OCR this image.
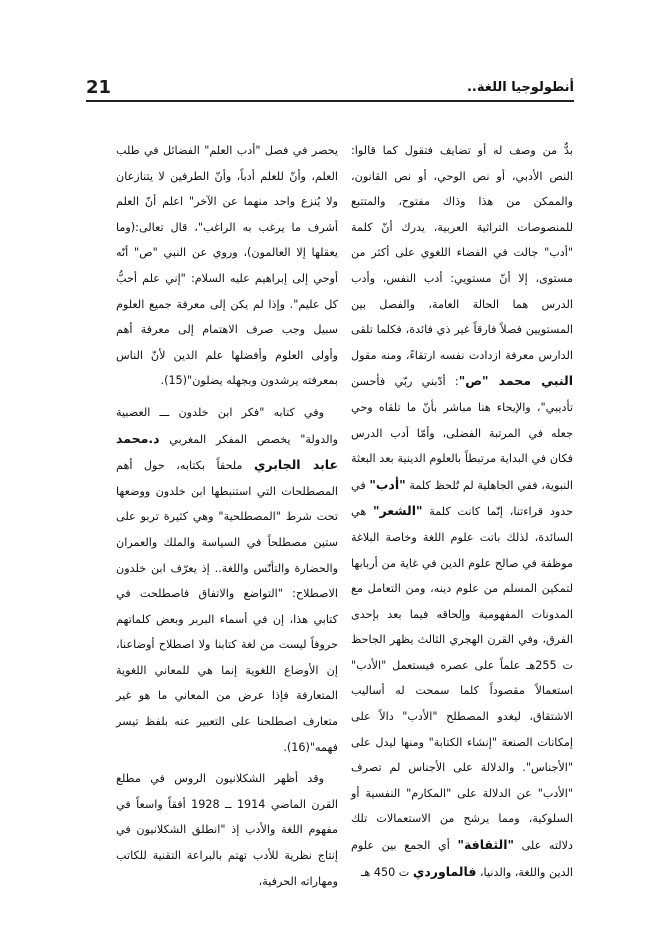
21	أنطولوجيا اللغة..

بدٌّ من وصف له أو تضايف فتقول كما قالوا: النص الأدبي، أو نص الوحي، أو نص القانون، والممكن من هذا وذاك مفتوح، والمتتبع للمنصوصات التراثية العربية، يدرك أنّ كلمة "أدب" جالت في الفضاء اللغوي على أكثر من مستوى، إلا أنّ مستويي: أدب النفس، وأدب الدرس هما الحالة العامة، والفصل بين المستويين فصلاً فارقاً غير ذي فائدة، فكلما تلقى الدارس معرفة ازدادت نفسه ارتقاءً، ومنه مقول النبي محمد "ص": أدّبني ربّي فأحسن تأديبي"، والإيحاء هنا مباشر بأنّ ما تلقاه وحي جعله في المرتبة الفضلى، وأمّا أدب الدرس فكان في البداية مرتبطاً بالعلوم الدينية بعد البعثة النبوية، ففي الجاهلية لم تُلحظ كلمة "أدب" في حدود قراءتنا، إنّما كانت كلمة "الشعر" هي السائدة، لذلك باتت علوم اللغة وخاصة البلاغة موظفة في صالح علوم الدين في غاية من أربابها لتمكين المسلم من علوم دينه، ومن التعامل مع المدونات المفهومية وإلحاقه فيما بعد بإحدى الفرق، وفي القرن الهجري الثالث يظهر الجاحظ ت 255هـ علماً على عصره فيستعمل "الأدب" استعمالاً مقصوداً كلما سمحت له أساليب الاشتقاق، ليغدو المصطلح "الأدب" دالاً على إمكانات الصنعة "إنشاء الكتابة" ومنها ليدل على "الأجناس". والدلالة على الأجناس لم تصرف "الأدب" عن الدلالة على "المكارم" النفسية أو السلوكية، ومما يرشح من الاستعمالات تلك دلالته على "الثقافة" أي الجمع بين علوم الدين واللغة، والدنيا، فالماوردي ت 450 هـ

يحصر في فصل "أدب العلم" الفضائل في طلب العلم، وأنّ للعلم أدباً، وأنّ الطرفين لا يتنازعان ولا يُنزع واحد منهما عن الآخر" اعلم أنّ العلم أشرف ما يرغب به الراغب"، قال تعالى:(وما يعقلها إلا العالمون)، وروي عن النبي "ص" أنّه أوحي إلى إبراهيم عليه السلام: "إني علم أحبُّ كل عليم". وإذا لم يكن إلى معرفة جميع العلوم سبيل وجب صرف الاهتمام إلى معرفة أهم وأولى العلوم وأفضلها علم الدين لأنّ الناس بمعرفته يرشدون وبجهله يضلون"(15).

وفي كتابه "فكر ابن خلدون ـــ العصبية والدولة" يخصص المفكر المغربي د.محمد عابد الجابري ملحقاً بكتابه، حول أهم المصطلحات التي استنبطها ابن خلدون ووضعها تحت شرط "المصطلحية" وهي كثيرة تربو على ستين مصطلحاً في السياسة والملك والعمران والحضارة والتأنّس واللغة.. إذ يعرّف ابن خلدون الاصطلاح: "التواضع والاتفاق فاصطلحت في كتابي هذا، إن في أسماء البربر وبعض كلماتهم حروفاً ليست من لغة كتابنا ولا اصطلاح أوضاعنا، إن الأوضاع اللغوية إنما هي للمعاني اللغوية المتعارفة فإذا عرض من المعاني ما هو غير متعارف اصطلحنا على التعبير عنه بلفظ تيسر فهمه"(16).

وقد أظهر الشكلانيون الروس في مطلع القرن الماضي 1914 ــ 1928 أفقاً واسعاً في مفهوم اللغة والأدب إذ "انطلق الشكلانيون في إنتاج نظرية للأدب تهتم بالبراعة التقنية للكاتب ومهاراته الحرفية،
